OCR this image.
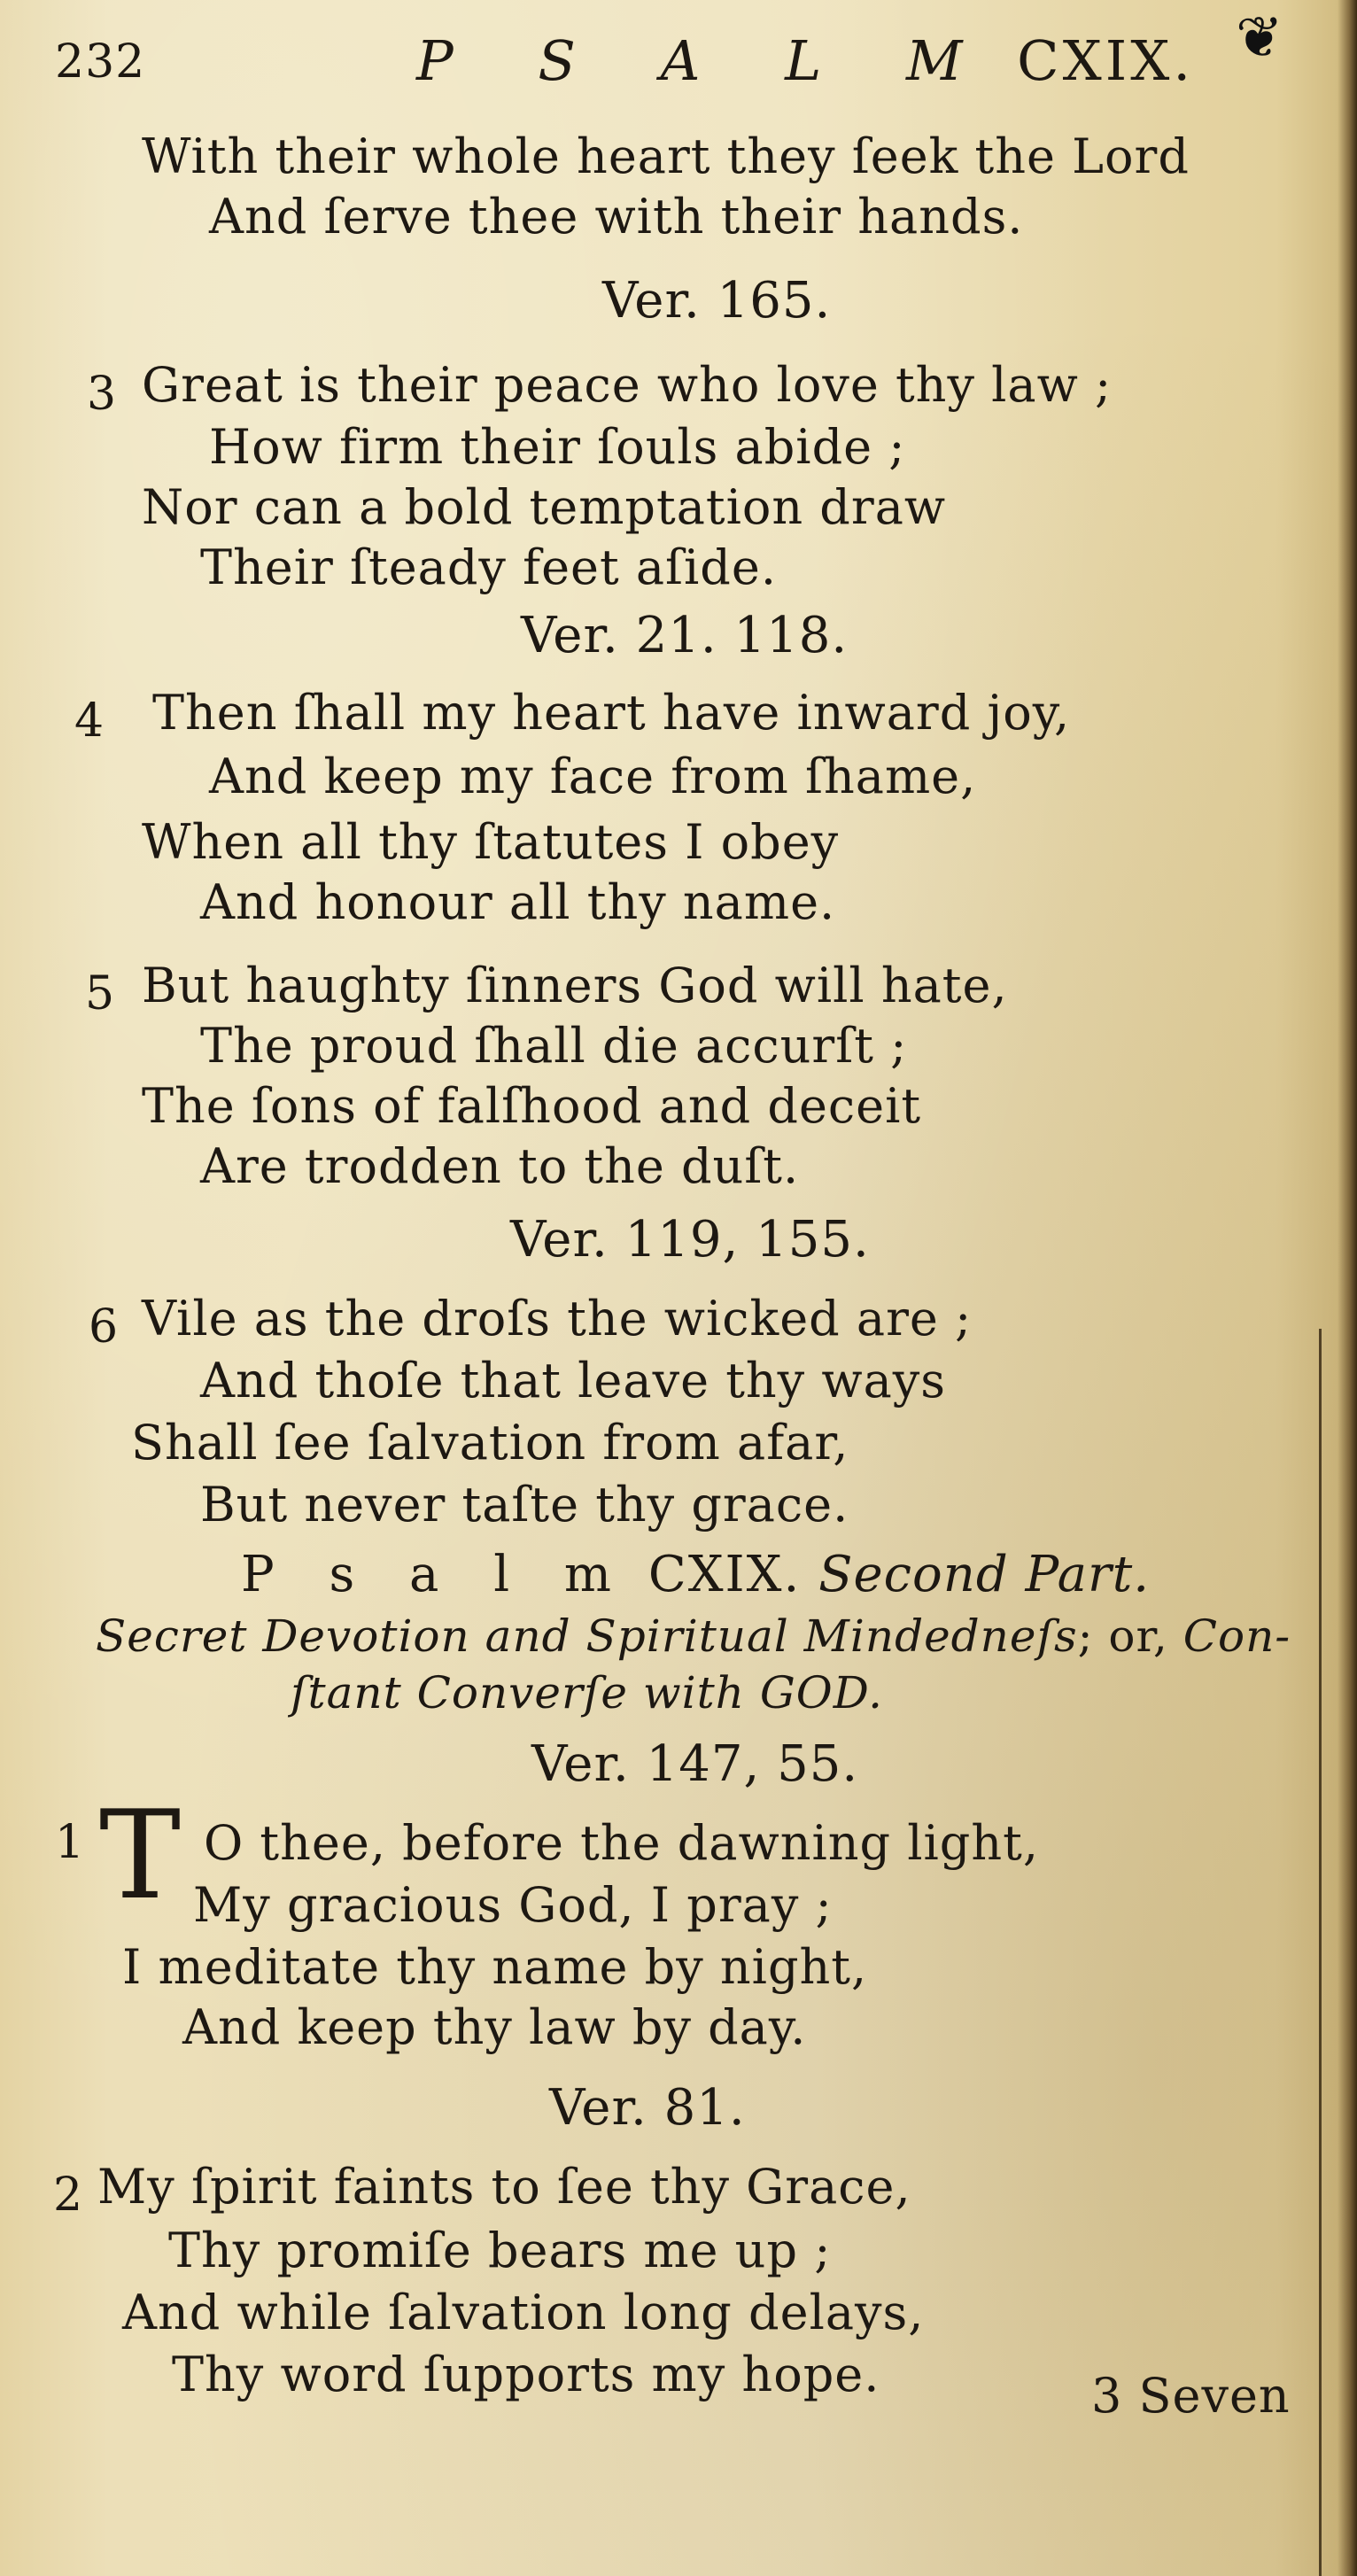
232	P S A L M CXIX. ❦
With their whole heart they ſeek the Lord
And ſerve thee with their hands.
Ver. 165.
3 Great is their peace who love thy law ;
How firm their ſouls abide ;
Nor can a bold temptation draw
Their ſteady feet aſide.
Ver. 21. 118.
4 Then ſhall my heart have inward joy,
And keep my face from ſhame,
When all thy ſtatutes I obey
And honour all thy name.
5 But haughty ſinners God will hate,
The proud ſhall die accurſt ;
The ſons of falſhood and deceit
Are trodden to the duſt.
Ver. 119, 155.
6 Vile as the droſs the wicked are ;
And thoſe that leave thy ways
Shall ſee ſalvation from afar,
But never taſte thy grace.
P s a l m CXIX. Second Part.
Secret Devotion and Spiritual Mindedneſs; or, Con-
ſtant Converſe with GOD.
Ver. 147, 55.
1 T O thee, before the dawning light,
My gracious God, I pray ;
I meditate thy name by night,
And keep thy law by day.
Ver. 81.
2 My ſpirit faints to ſee thy Grace,
Thy promiſe bears me up ;
And while ſalvation long delays,
Thy word ſupports my hope.	3 Seven
